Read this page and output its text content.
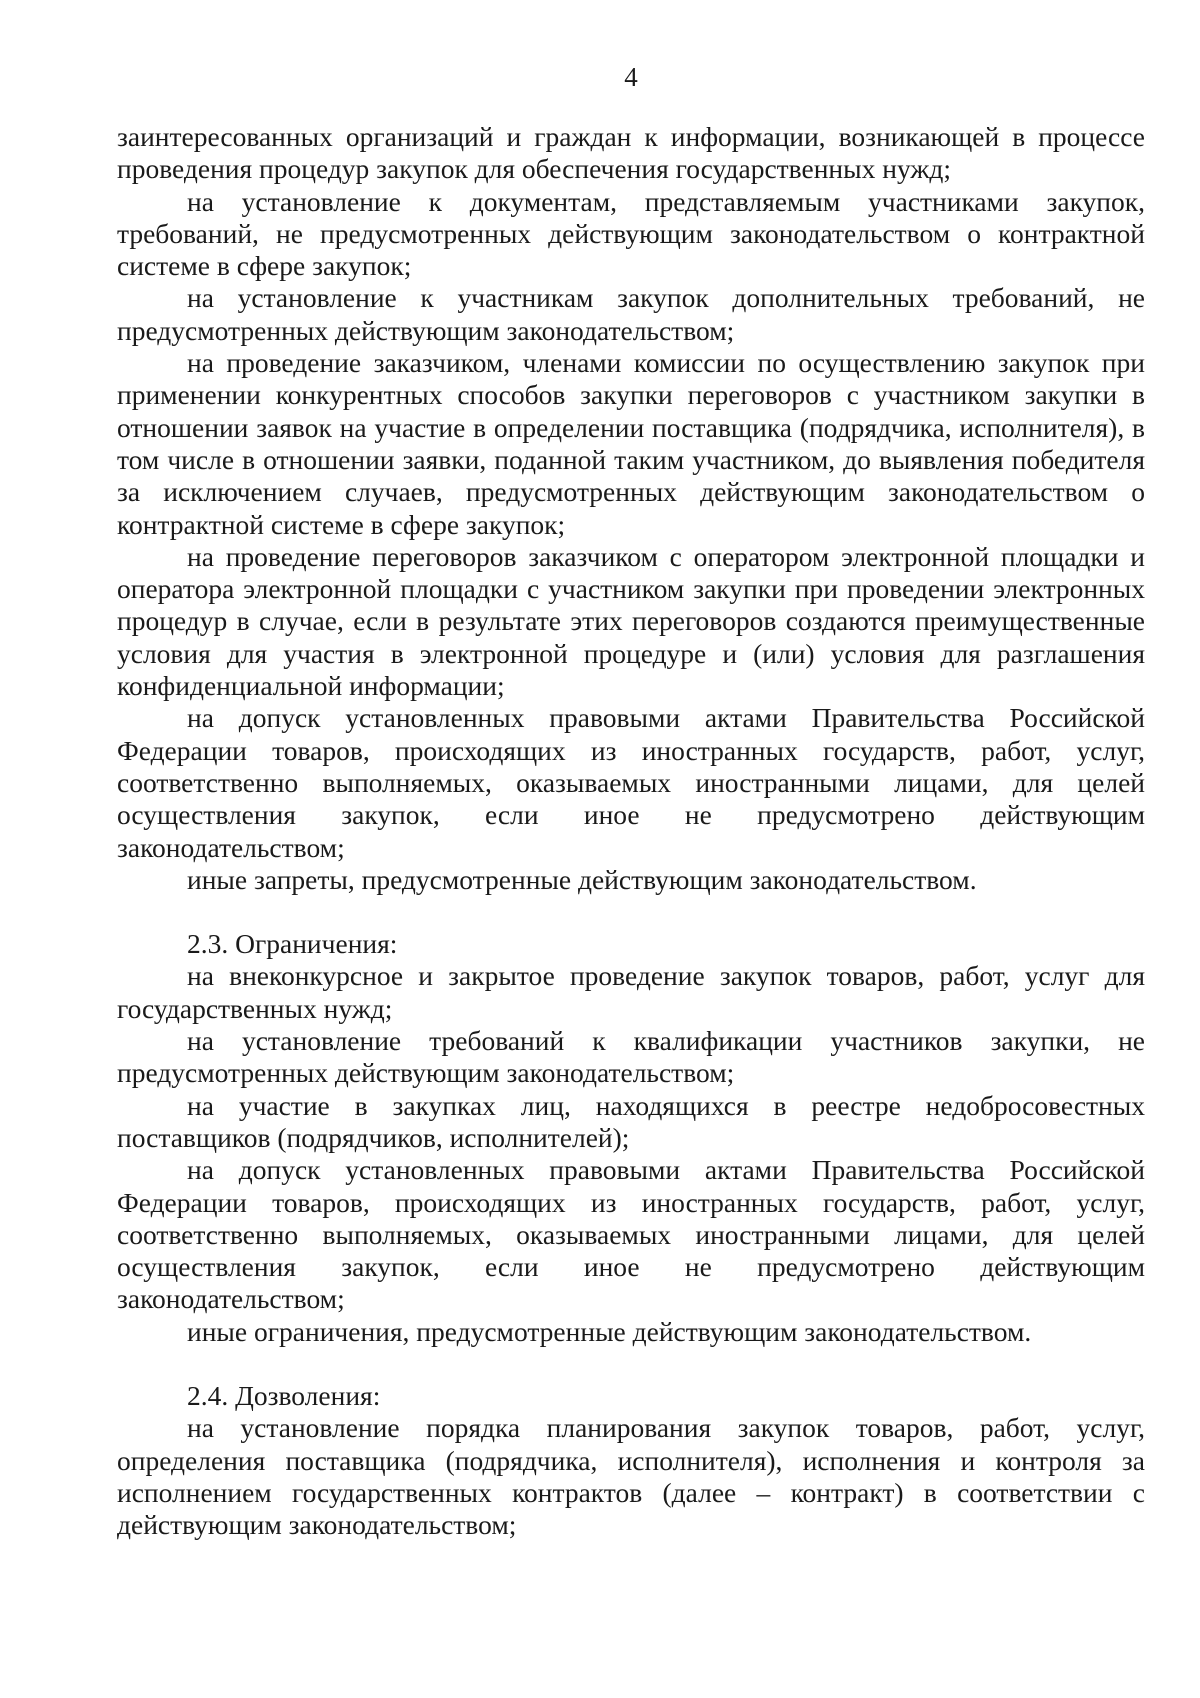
4

заинтересованных организаций и граждан к информации, возникающей в процессе проведения процедур закупок для обеспечения государственных нужд;

на установление к документам, представляемым участниками закупок, требований, не предусмотренных действующим законодательством о контрактной системе в сфере закупок;

на установление к участникам закупок дополнительных требований, не предусмотренных действующим законодательством;

на проведение заказчиком, членами комиссии по осуществлению закупок при применении конкурентных способов закупки переговоров с участником закупки в отношении заявок на участие в определении поставщика (подрядчика, исполнителя), в том числе в отношении заявки, поданной таким участником, до выявления победителя за исключением случаев, предусмотренных действующим законодательством о контрактной системе в сфере закупок;

на проведение переговоров заказчиком с оператором электронной площадки и оператора электронной площадки с участником закупки при проведении электронных процедур в случае, если в результате этих переговоров создаются преимущественные условия для участия в электронной процедуре и (или) условия для разглашения конфиденциальной информации;

на допуск установленных правовыми актами Правительства Российской Федерации товаров, происходящих из иностранных государств, работ, услуг, соответственно выполняемых, оказываемых иностранными лицами, для целей осуществления закупок, если иное не предусмотрено действующим законодательством;

иные запреты, предусмотренные действующим законодательством.

2.3. Ограничения:

на внеконкурсное и закрытое проведение закупок товаров, работ, услуг для государственных нужд;

на установление требований к квалификации участников закупки, не предусмотренных действующим законодательством;

на участие в закупках лиц, находящихся в реестре недобросовестных поставщиков (подрядчиков, исполнителей);

на допуск установленных правовыми актами Правительства Российской Федерации товаров, происходящих из иностранных государств, работ, услуг, соответственно выполняемых, оказываемых иностранными лицами, для целей осуществления закупок, если иное не предусмотрено действующим законодательством;

иные ограничения, предусмотренные действующим законодательством.

2.4. Дозволения:

на установление порядка планирования закупок товаров, работ, услуг, определения поставщика (подрядчика, исполнителя), исполнения и контроля за исполнением государственных контрактов (далее – контракт) в соответствии с действующим законодательством;
